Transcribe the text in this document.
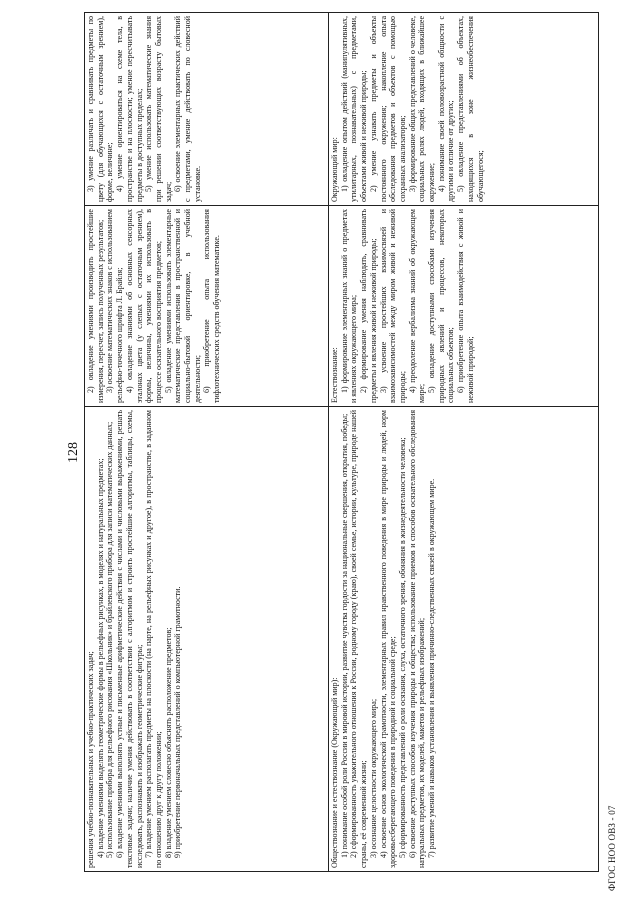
128

решения учебно-познавательных и учебно-практических задач; 4) владение умениями выделять геометрические формы в рельефных рисунках, в моделях и натуральных предметах; 5) использование прибора для рельефного рисования «Школьник» и брайлевского прибора для записи математических данных; 6) владение умениями выполнять устные и письменные арифметические действия с числами и числовыми выражениями, решать текстовые задачи; наличие умения действовать в соответствии с алгоритмом и строить простейшие алгоритмы, таблицы, схемы, исследовать, распознавать и изображать геометрические фигуры; 7) владение умением располагать предметы на плоскости (на парте, на рельефных рисунках и другое), в пространстве, в заданном по отношению друг к другу положении; 8) владение умением словесно объяснять расположение предметов; 9) приобретение первоначальных представлений о компьютерной грамотности.

2) овладение умениями производить простейшие измерения, пересчет, запись полученных результатов; 3) освоение математических знаков с использованием рельефно-точечного шрифта Л. Брайля; 4) овладение знаниями об основных сенсорных эталонах цвета (у слепых с остаточным зрением), формы, величины, умениями их использовать в процессе осязательного восприятия предметов; 5) овладение умениями использовать элементарные математические представления в пространственной и социально-бытовой ориентировке, в учебной деятельности; 6) приобретение опыта использования тифлотехнических средств обучения математике.

3) умение различать и сравнивать предметы по цвету (для обучающихся с остаточным зрением), форме, величине; 4) умение ориентироваться на схеме тела, в пространстве и на плоскости; умение пересчитывать предметы в доступных пределах; 5) умение использовать математические знания при решении соответствующих возрасту бытовых задач; 6) освоение элементарных практических действий с предметами, умение действовать по словесной установке.

Обществознание и естествознание (Окружающий мир): 1) понимание особой роли России в мировой истории, развитие чувства гордости за национальные свершения, открытия, победы; 2) сформированность уважительного отношения к России, родному городу (краю), своей семье, истории, культуре, природе нашей страны, её современной жизни; 3) осознание целостности окружающего мира; 4) освоение основ экологической грамотности, элементарных правил нравственного поведения в мире природы и людей, норм здоровьесберегающего поведения в природной и социальной среде; 5) сформированность представлений о роли осязания, слуха, остаточного зрения, обоняния в жизнедеятельности человека; 6) освоение доступных способов изучения природы и общества; использование приемов и способов осязательного обследования натуральных предметов, их моделей, макетов и рельефных изображений; 7) развитие умений и навыков установления и выявления причинно-следственных связей в окружающем мире.

Естествознание: 1) формирование элементарных знаний о предметах и явлениях окружающего мира; 2) формирование умения наблюдать, сравнивать предметы и явления живой и неживой природы; 3) усвоение простейших взаимосвязей и взаимозависимостей между миром живой и неживой природы; 4) преодоление вербализма знаний об окружающем мире;

5) овладение доступными способами изучения природных явлений и процессов, некоторых социальных объектов; 6) приобретение опыта взаимодействия с живой и неживой природой;

Окружающий мир: 1) овладение опытом действий (манипулятивных, утилитарных, познавательных) с предметами, объектами живой и неживой природы; 2) умение узнавать предметы и объекты постоянного окружения; накопление опыта обследования предметов и объектов с помощью сохранных анализаторов; 3) формирование общих представлений о человеке, социальных ролях людей, входящих в ближайшее окружение; 4) понимание своей половозрастной общности с другими и отличие от других; 5) овладение представлениями об объектах, находящихся в зоне жизнеобеспечения обучающегося;

ФГОС НОО ОВЗ - 07
